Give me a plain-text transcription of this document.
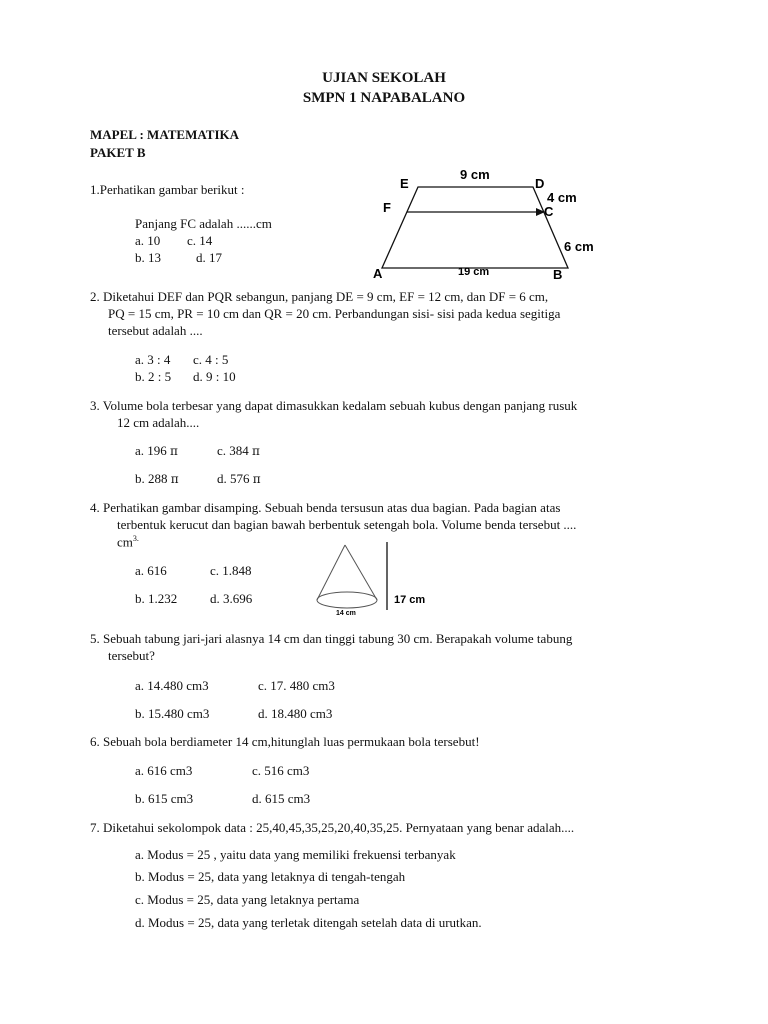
UJIAN SEKOLAH
SMPN 1 NAPABALANO
MAPEL : MATEMATIKA
PAKET B
1.Perhatikan gambar berikut :
Panjang FC adalah ......cm
a. 10 c. 14
b. 13	d. 17
9 cm
19 cm
4 cm
6 cm
E	D
F	C
A	B
2. Diketahui DEF dan PQR sebangun, panjang DE = 9 cm, EF = 12 cm, dan DF = 6 cm,
PQ = 15 cm, PR = 10 cm dan QR = 20 cm. Perbandungan sisi- sisi pada kedua segitiga
tersebut adalah ....
a. 3 : 4 c. 4 : 5
b. 2 : 5 d. 9 : 10
3. Volume bola terbesar yang dapat dimasukkan kedalam sebuah kubus dengan panjang rusuk
12 cm adalah....
a. 196 π	c. 384 π
b. 288 π	d. 576 π
4. Perhatikan gambar disamping. Sebuah benda tersusun atas dua bagian. Pada bagian atas
terbentuk kerucut dan bagian bawah berbentuk setengah bola. Volume benda tersebut ....
$cm^{3.}$
a. 616	c. 1.848
b. 1.232	d. 3.696
14 cm
17 cm
5. Sebuah tabung jari-jari alasnya 14 cm dan tinggi tabung 30 cm. Berapakah volume tabung
tersebut?
a. 14.480 cm3	c. 17. 480 cm3
b. 15.480 cm3	d. 18.480 cm3
6. Sebuah bola berdiameter 14 cm,hitunglah luas permukaan bola tersebut!
a. 616 cm3	c. 516 cm3
b. 615 cm3	d. 615 cm3
7. Diketahui sekolompok data : 25,40,45,35,25,20,40,35,25. Pernyataan yang benar adalah....
a. Modus = 25 , yaitu data yang memiliki frekuensi terbanyak
b. Modus = 25, data yang letaknya di tengah-tengah
c. Modus = 25, data yang letaknya pertama
d. Modus = 25, data yang terletak ditengah setelah data di urutkan.
